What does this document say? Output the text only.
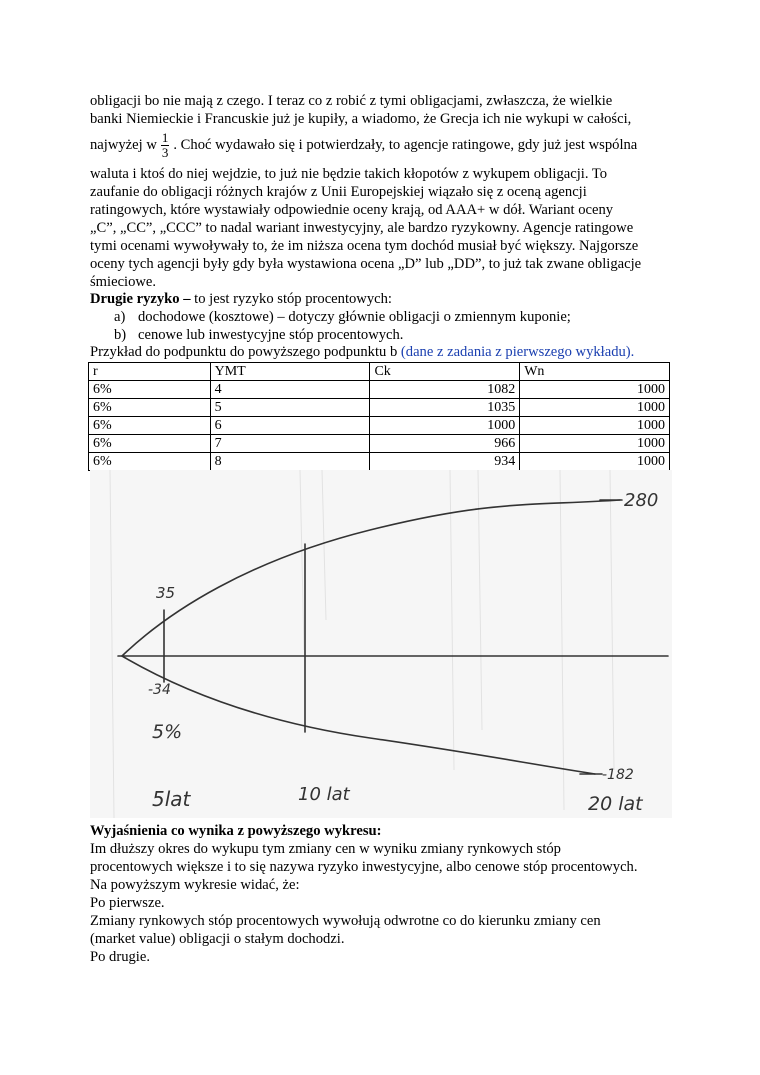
obligacji bo nie mają z czego. I teraz co z robić z tymi obligacjami, zwłaszcza, że wielkie
banki Niemieckie i Francuskie już je kupiły, a wiadomo, że Grecja ich nie wykupi w całości,
najwyżej w $\frac{1}{3}$ . Choć wydawało się i potwierdzały, to agencje ratingowe, gdy już jest wspólna
waluta i ktoś do niej wejdzie, to już nie będzie takich kłopotów z wykupem obligacji. To
zaufanie do obligacji różnych krajów z Unii Europejskiej wiązało się z oceną agencji
ratingowych, które wystawiały odpowiednie oceny krają, od AAA+ w dół. Wariant oceny
„C”, „CC”, „CCC” to nadal wariant inwestycyjny, ale bardzo ryzykowny. Agencje ratingowe
tymi ocenami wywoływały to, że im niższa ocena tym dochód musiał być większy. Najgorsze
oceny tych agencji były gdy była wystawiona ocena „D” lub „DD”, to już tak zwane obligacje
śmieciowe.
Drugie ryzyko – to jest ryzyko stóp procentowych:
a) dochodowe (kosztowe) – dotyczy głównie obligacji o zmiennym kuponie;
b) cenowe lub inwestycyjne stóp procentowych.
Przykład do podpunktu do powyższego podpunktu b (dane z zadania z pierwszego wykładu).
r	YMT	Ck	Wn
6%	4	1082	1000
6%	5	1035	1000
6%	6	1000	1000
6%	7	966	1000
6%	8	934	1000
280
35
-34
5%
-182
5lat	10 lat	20 lat
Wyjaśnienia co wynika z powyższego wykresu:
Im dłuższy okres do wykupu tym zmiany cen w wyniku zmiany rynkowych stóp
procentowych większe i to się nazywa ryzyko inwestycyjne, albo cenowe stóp procentowych.
Na powyższym wykresie widać, że:
Po pierwsze.
Zmiany rynkowych stóp procentowych wywołują odwrotne co do kierunku zmiany cen
(market value) obligacji o stałym dochodzi.
Po drugie.
